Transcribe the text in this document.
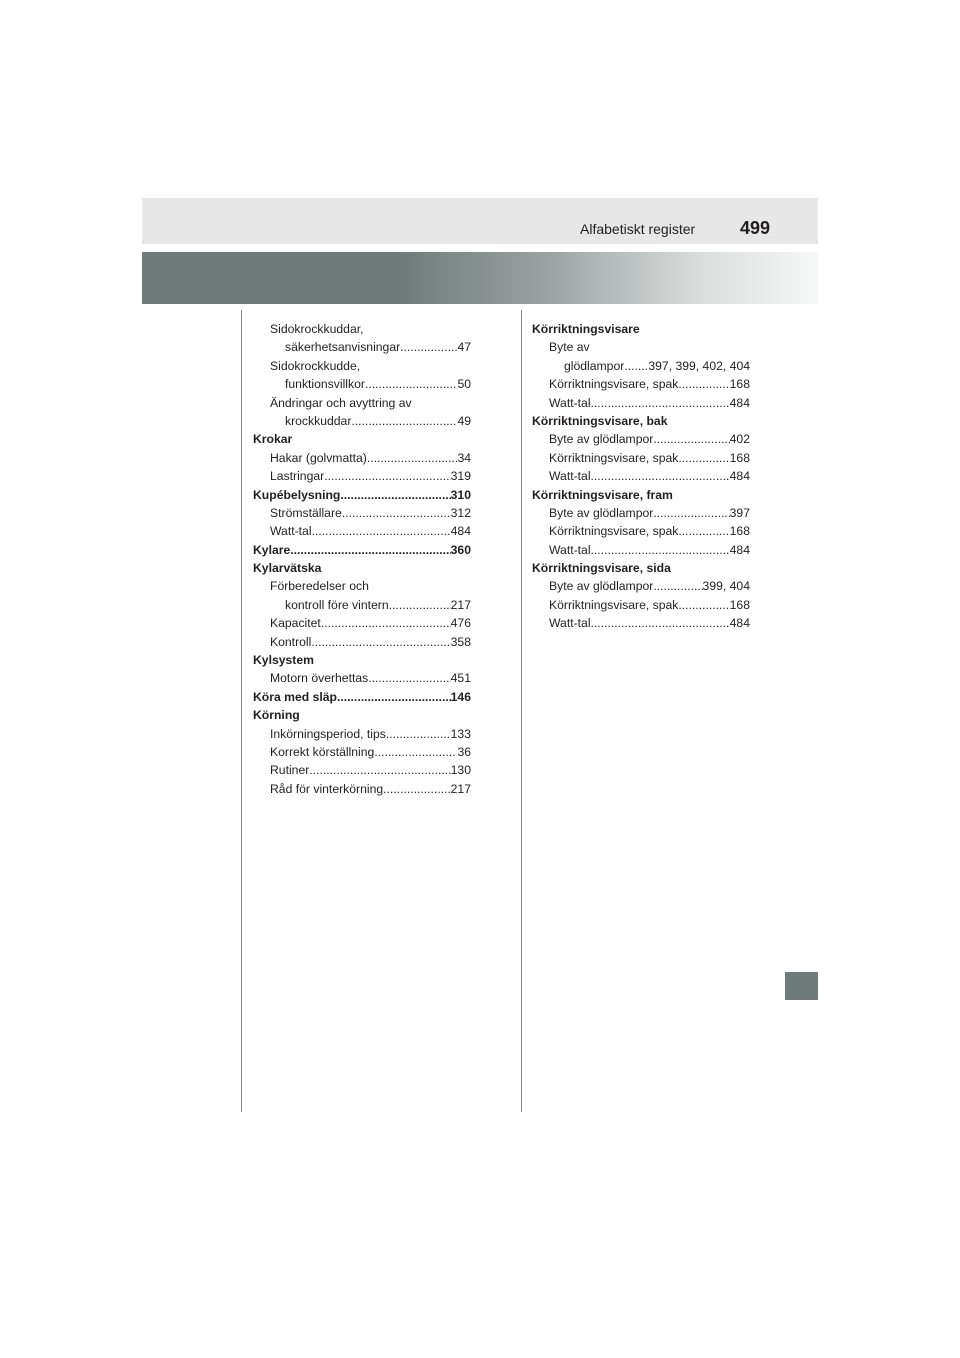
Alfabetiskt register 499
Sidokrockkuddar,
säkerhetsanvisningar .....	47
Sidokrockkudde,
funktionsvillkor .....	50
Ändringar och avyttring av
krockkuddar .....	49
Krokar
Hakar (golvmatta) .....	34
Lastringar .....	319
Kupébelysning .....	310
Strömställare .....	312
Watt-tal .....	484
Kylare .....	360
Kylarvätska
Förberedelser och
kontroll före vintern .....	217
Kapacitet .....	476
Kontroll .....	358
Kylsystem
Motorn överhettas .....	451
Köra med släp .....	146
Körning
Inkörningsperiod, tips .....	133
Korrekt körställning .....	36
Rutiner .....	130
Råd för vinterkörning .....	217
Körriktningsvisare
Byte av
glödlampor ..... 397, 399, 402, 404
Körriktningsvisare, spak .....	168
Watt-tal .....	484
Körriktningsvisare, bak
Byte av glödlampor .....	402
Körriktningsvisare, spak .....	168
Watt-tal .....	484
Körriktningsvisare, fram
Byte av glödlampor .....	397
Körriktningsvisare, spak .....	168
Watt-tal .....	484
Körriktningsvisare, sida
Byte av glödlampor .....	399, 404
Körriktningsvisare, spak .....	168
Watt-tal .....	484
